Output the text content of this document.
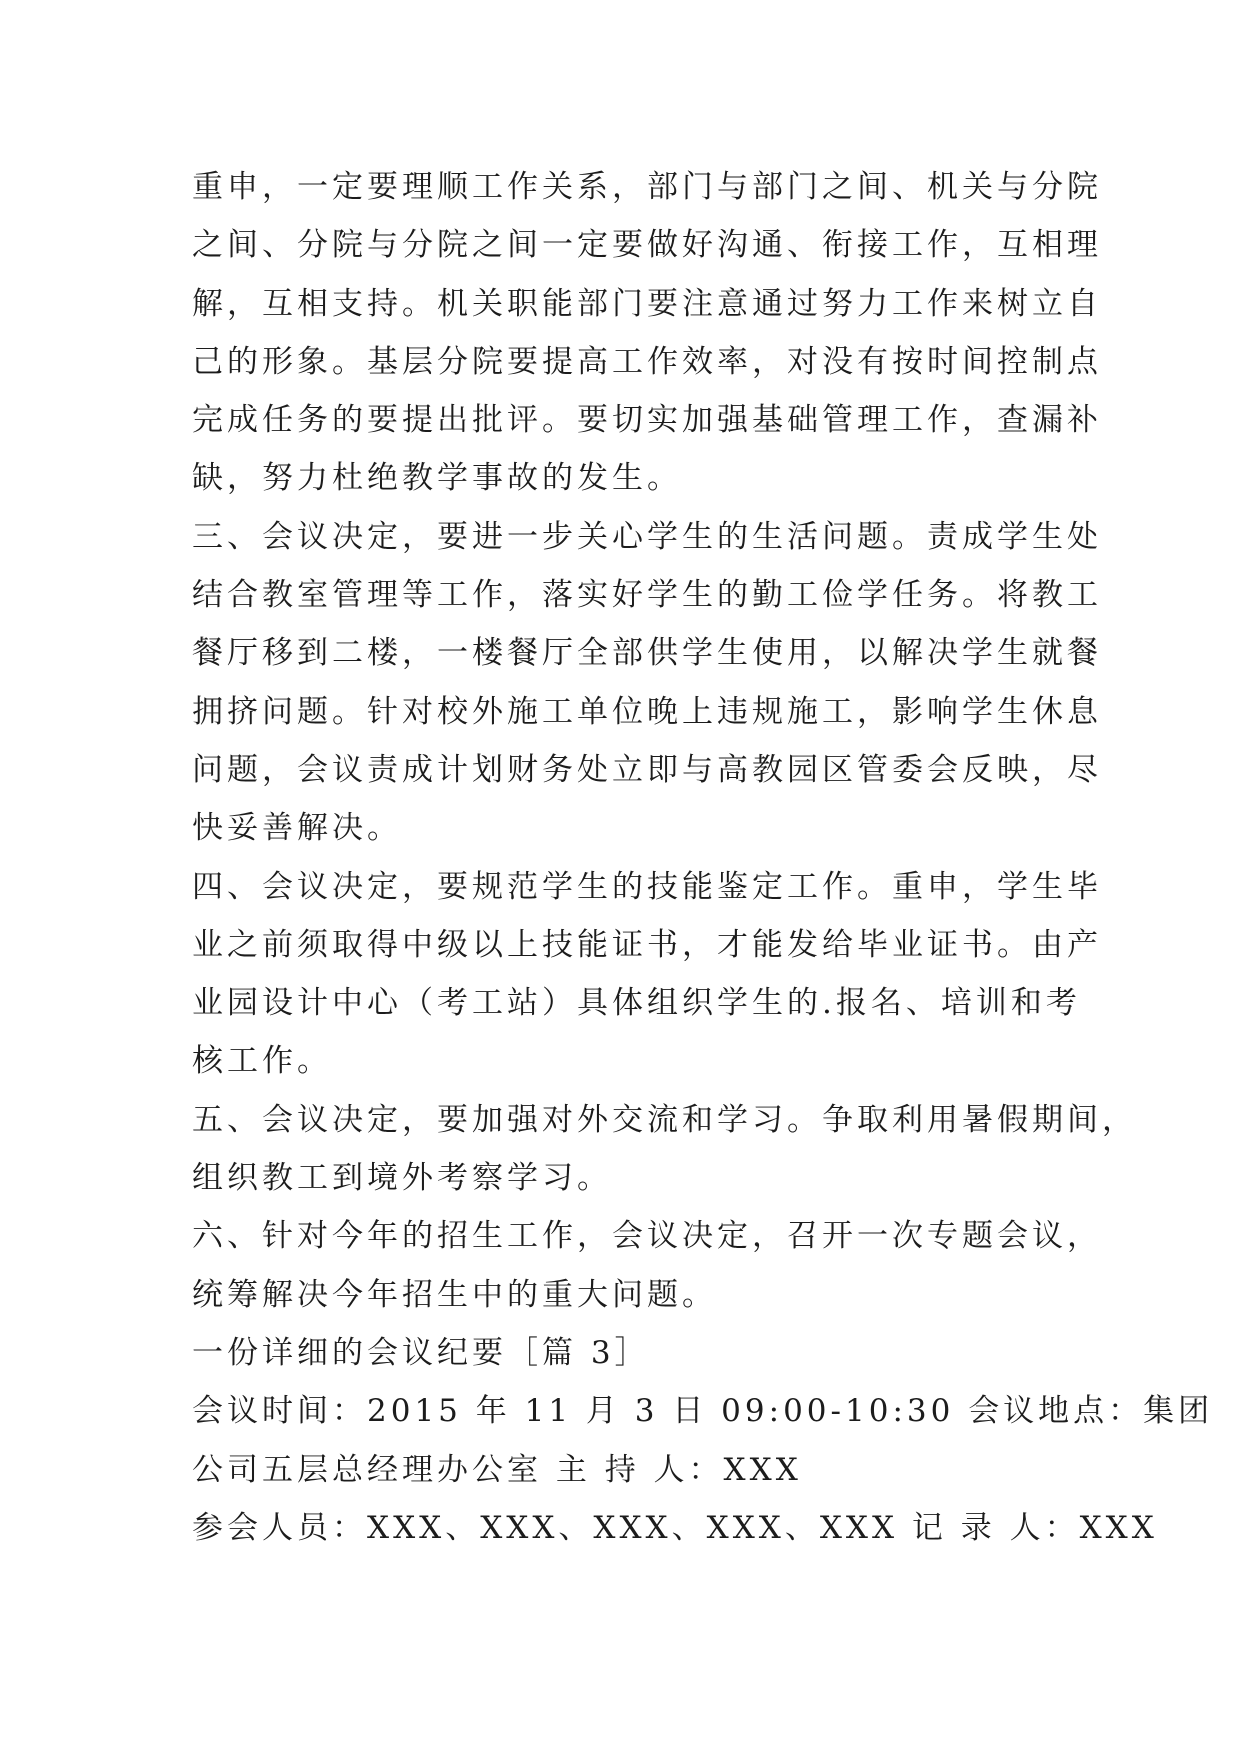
重申，一定要理顺工作关系，部门与部门之间、机关与分院
之间、分院与分院之间一定要做好沟通、衔接工作，互相理
解，互相支持。机关职能部门要注意通过努力工作来树立自
己的形象。基层分院要提高工作效率，对没有按时间控制点
完成任务的要提出批评。要切实加强基础管理工作，查漏补
缺，努力杜绝教学事故的发生。
三、会议决定，要进一步关心学生的生活问题。责成学生处
结合教室管理等工作，落实好学生的勤工俭学任务。将教工
餐厅移到二楼，一楼餐厅全部供学生使用，以解决学生就餐
拥挤问题。针对校外施工单位晚上违规施工，影响学生休息
问题，会议责成计划财务处立即与高教园区管委会反映，尽
快妥善解决。
四、会议决定，要规范学生的技能鉴定工作。重申，学生毕
业之前须取得中级以上技能证书，才能发给毕业证书。由产
业园设计中心（考工站）具体组织学生的.报名、培训和考
核工作。
五、会议决定，要加强对外交流和学习。争取利用暑假期间，
组织教工到境外考察学习。
六、针对今年的招生工作，会议决定，召开一次专题会议，
统筹解决今年招生中的重大问题。
一份详细的会议纪要［篇 3］
会议时间：2015 年 11 月 3 日 09:00-10:30 会议地点：集团
公司五层总经理办公室 主 持 人：XXX
参会人员：XXX、XXX、XXX、XXX、XXX 记 录 人：XXX
